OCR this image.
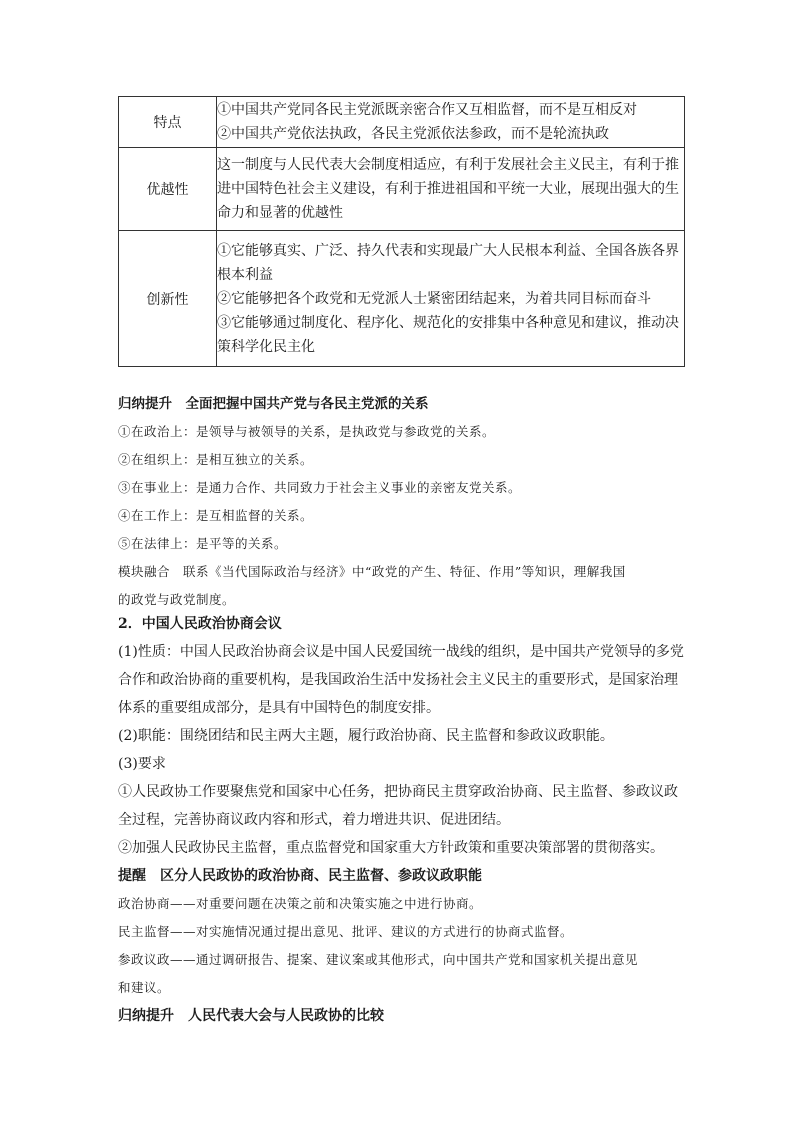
特点	①中国共产党同各民主党派既亲密合作又互相监督，而不是互相反对
②中国共产党依法执政，各民主党派依法参政，而不是轮流执政

优越性	这一制度与人民代表大会制度相适应，有利于发展社会主义民主，有利于推
进中国特色社会主义建设，有利于推进祖国和平统一大业，展现出强大的生
命力和显著的优越性

创新性	①它能够真实、广泛、持久代表和实现最广大人民根本利益、全国各族各界
根本利益
②它能够把各个政党和无党派人士紧密团结起来，为着共同目标而奋斗
③它能够通过制度化、程序化、规范化的安排集中各种意见和建议，推动决
策科学化民主化
归纳提升　全面把握中国共产党与各民主党派的关系
①在政治上：是领导与被领导的关系，是执政党与参政党的关系。
②在组织上：是相互独立的关系。
③在事业上：是通力合作、共同致力于社会主义事业的亲密友党关系。
④在工作上：是互相监督的关系。
⑤在法律上：是平等的关系。
模块融合　联系《当代国际政治与经济》中“政党的产生、特征、作用”等知识，理解我国
的政党与政党制度。
2．中国人民政治协商会议
(1)性质：中国人民政治协商会议是中国人民爱国统一战线的组织，是中国共产党领导的多党
合作和政治协商的重要机构，是我国政治生活中发扬社会主义民主的重要形式，是国家治理
体系的重要组成部分，是具有中国特色的制度安排。
(2)职能：围绕团结和民主两大主题，履行政治协商、民主监督和参政议政职能。
(3)要求
①人民政协工作要聚焦党和国家中心任务，把协商民主贯穿政治协商、民主监督、参政议政
全过程，完善协商议政内容和形式，着力增进共识、促进团结。
②加强人民政协民主监督，重点监督党和国家重大方针政策和重要决策部署的贯彻落实。
提醒　区分人民政协的政治协商、民主监督、参政议政职能
政治协商——对重要问题在决策之前和决策实施之中进行协商。
民主监督——对实施情况通过提出意见、批评、建议的方式进行的协商式监督。
参政议政——通过调研报告、提案、建议案或其他形式，向中国共产党和国家机关提出意见
和建议。
归纳提升　人民代表大会与人民政协的比较
